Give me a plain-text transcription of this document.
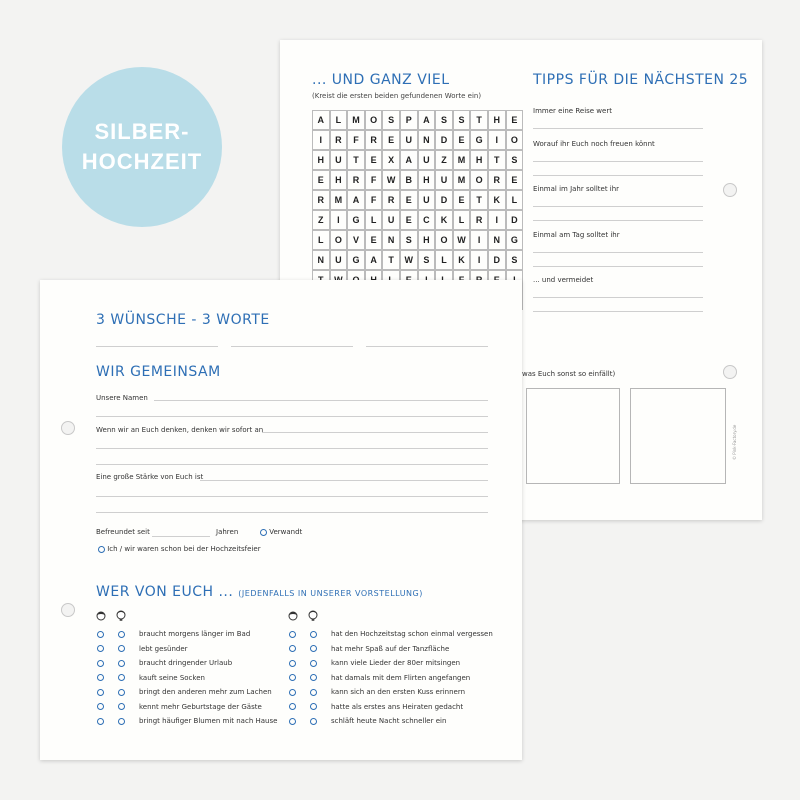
SILBER-
HOCHZEIT
... UND GANZ VIEL
(Kreist die ersten beiden gefundenen Worte ein)
A	L	M	O	S	P	A	S	S	T	H	E
I	R	F	R	E	U	N	D	E	G	I	O
H	U	T	E	X	A	U	Z	M	H	T	S
E	H	R	F	W	B	H	U	M	O	R	E
R	M	A	F	R	E	U	D	E	T	K	L
Z	I	G	L	U	E	C	K	L	R	I	D
L	O	V	E	N	S	H	O	W	I	N	G
N	U	G	A	T	W	S	L	K	I	D	S
TIPPS FÜR DIE NÄCHSTEN 25
Immer eine Reise wert
Worauf ihr Euch noch freuen könnt
Einmal im Jahr solltet ihr
Einmal am Tag solltet ihr
... und vermeidet
was Euch sonst so einfällt)
© Pink-Factory.de
3 WÜNSCHE - 3 WORTE
WIR GEMEINSAM
Unsere Namen
Wenn wir an Euch denken, denken wir sofort an
Eine große Stärke von Euch ist
Befreundet seit	Jahren	Verwandt
Ich / wir waren schon bei der Hochzeitsfeier
WER VON EUCH ... (JEDENFALLS IN UNSERER VORSTELLUNG)
braucht morgens länger im Bad
lebt gesünder
braucht dringender Urlaub
kauft seine Socken
bringt den anderen mehr zum Lachen
kennt mehr Geburtstage der Gäste
bringt häufiger Blumen mit nach Hause
hat den Hochzeitstag schon einmal vergessen
hat mehr Spaß auf der Tanzfläche
kann viele Lieder der 80er mitsingen
hat damals mit dem Flirten angefangen
kann sich an den ersten Kuss erinnern
hatte als erstes ans Heiraten gedacht
schläft heute Nacht schneller ein
